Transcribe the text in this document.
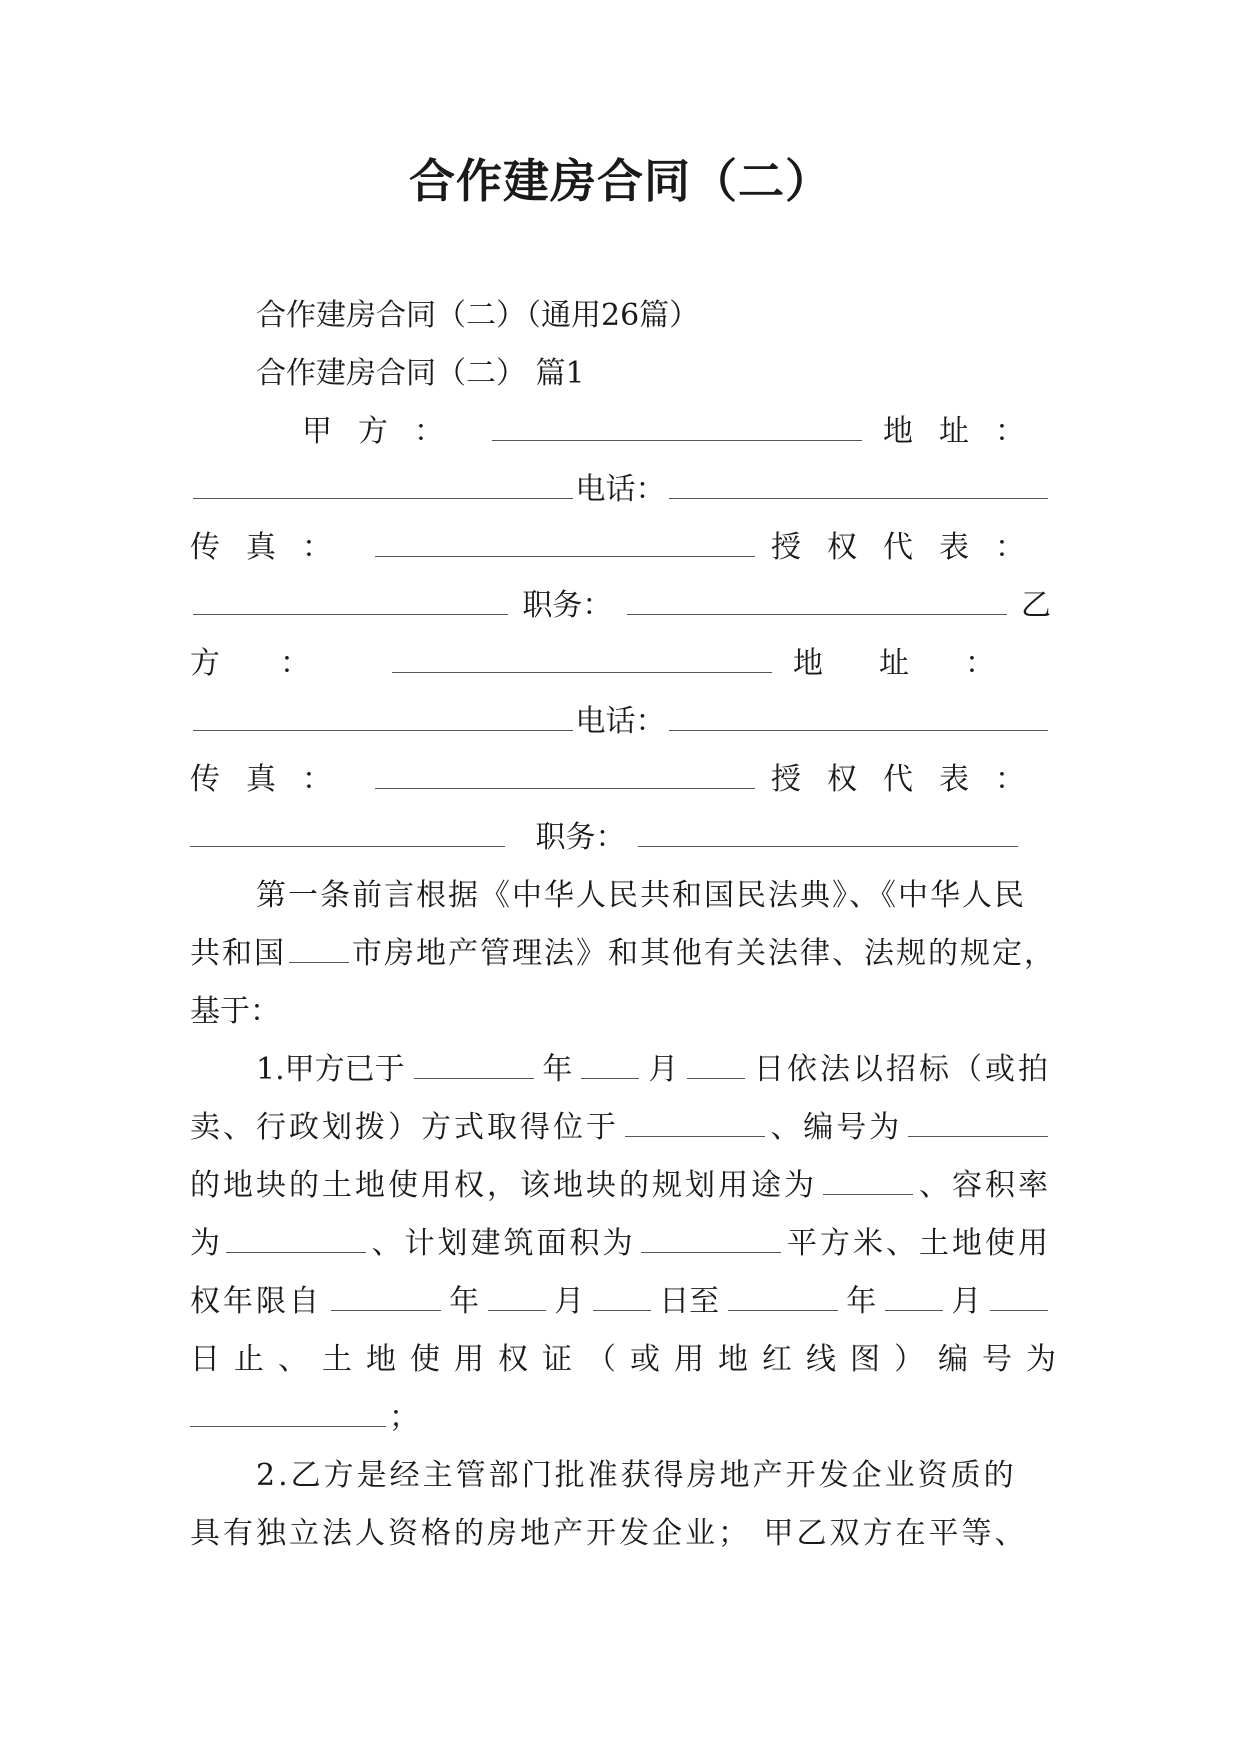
合作建房合同（二）
合作建房合同（二）（通用26篇）
合作建房合同（二） 篇1
甲方：	地址：
电话：
传真：	授权代表：
职务：	乙
方：	地址：
电话：
传真：	授权代表：
职务：
第一条前言根据《中华人民共和国民法典》、《中华人民
共和国 市房地产管理法》和其他有关法律、法规的规定，
基于：
1.甲方已于	年	月	日依法以招标（或拍
卖、行政划拨）方式取得位于	、编号为
的地块的土地使用权，该地块的规划用途为	、容积率
为	、计划建筑面积为	平方米、土地使用
权年限自	年	月	日至	年	月
日止、土地使用权证（或用地红线图）编号为
；
2.乙方是经主管部门批准获得房地产开发企业资质的
具有独立法人资格的房地产开发企业； 甲乙双方在平等、
